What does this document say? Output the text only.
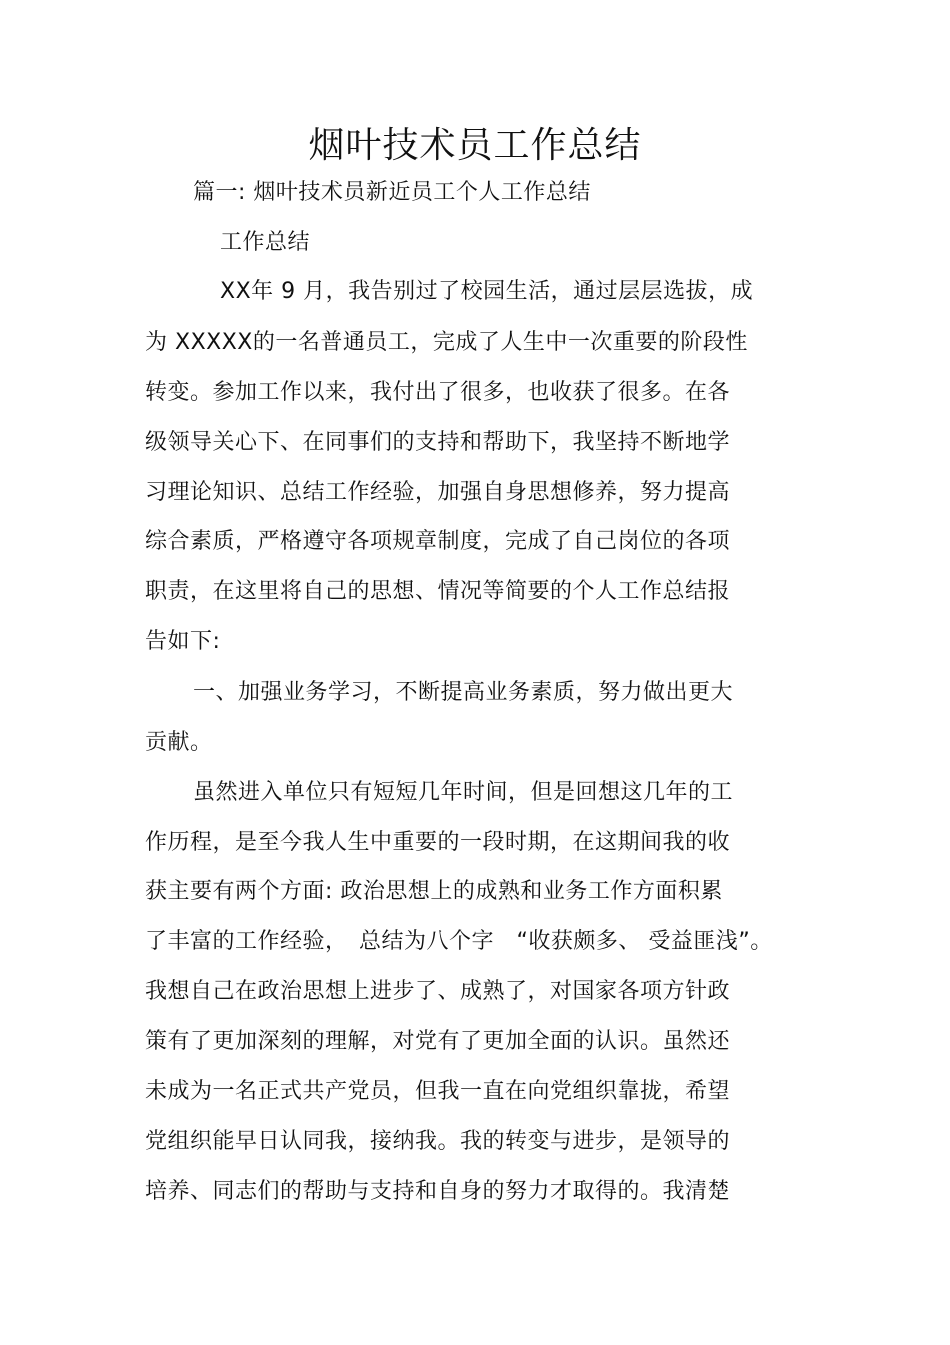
烟叶技术员工作总结
篇一: 烟叶技术员新近员工个人工作总结
工作总结
XX年 9 月，我告别过了校园生活，通过层层选拔，成
为 XXXXX的一名普通员工，完成了人生中一次重要的阶段性
转变。参加工作以来，我付出了很多，也收获了很多。在各
级领导关心下、在同事们的支持和帮助下，我坚持不断地学
习理论知识、总结工作经验，加强自身思想修养，努力提高
综合素质，严格遵守各项规章制度，完成了自己岗位的各项
职责，在这里将自己的思想、情况等简要的个人工作总结报
告如下:
一、加强业务学习，不断提高业务素质，努力做出更大
贡献。
虽然进入单位只有短短几年时间，但是回想这几年的工
作历程，是至今我人生中重要的一段时期，在这期间我的收
获主要有两个方面: 政治思想上的成熟和业务工作方面积累
了丰富的工作经验，　总结为八个字　“收获颇多、 受益匪浅”。
我想自己在政治思想上进步了、成熟了，对国家各项方针政
策有了更加深刻的理解，对党有了更加全面的认识。虽然还
未成为一名正式共产党员，但我一直在向党组织靠拢，希望
党组织能早日认同我，接纳我。我的转变与进步，是领导的
培养、同志们的帮助与支持和自身的努力才取得的。我清楚
